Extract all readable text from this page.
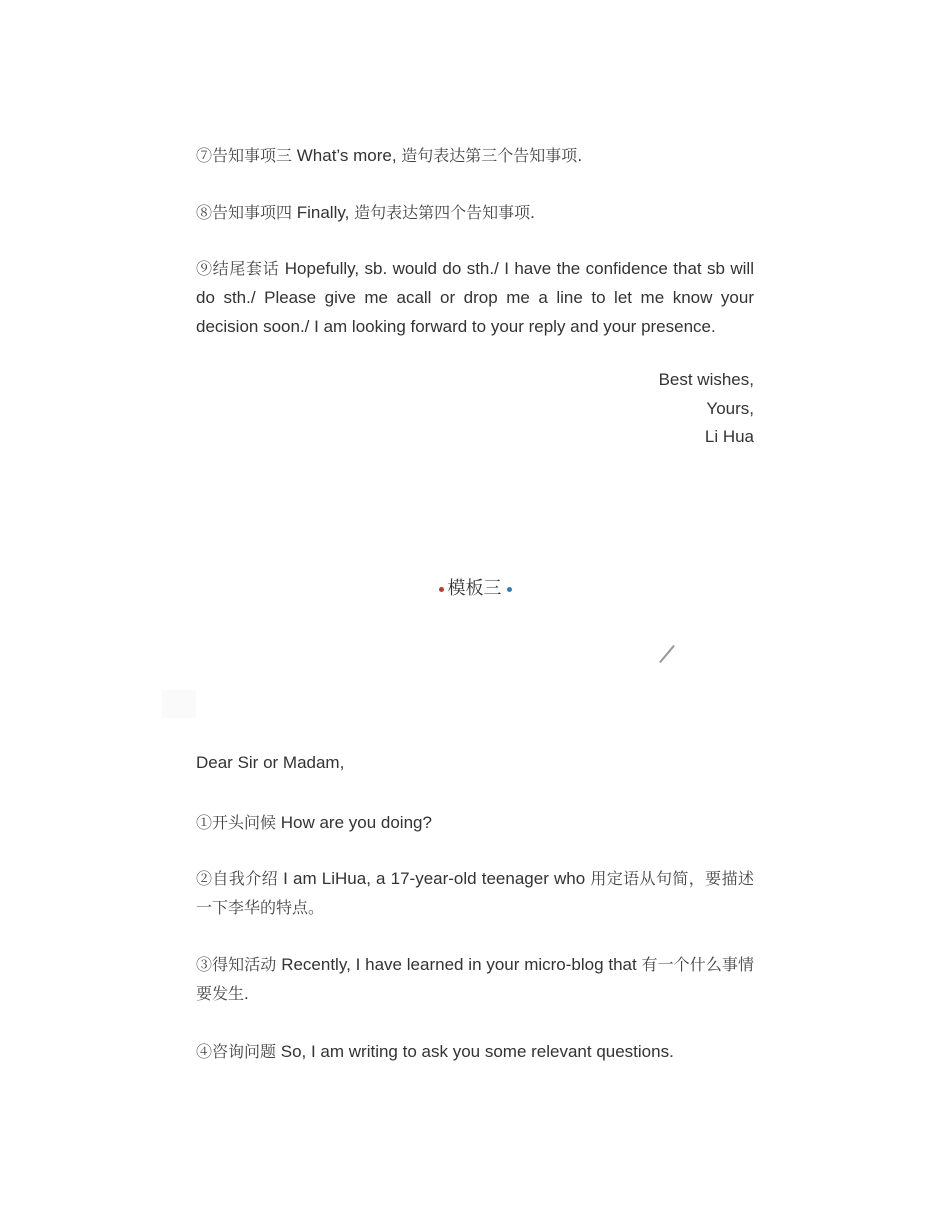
⑦告知事项三 What’s more, 造句表达第三个告知事项.

⑧告知事项四 Finally, 造句表达第四个告知事项.

⑨结尾套话 Hopefully, sb. would do sth./ I have the confidence that sb will do sth./ Please give me acall or drop me a line to let me know your decision soon./ I am looking forward to your reply and your presence.

Best wishes,
Yours,
Li Hua
模板三

Dear Sir or Madam,

①开头问候 How are you doing?

②自我介绍 I am LiHua, a 17-year-old teenager who 用定语从句简，要描述一下李华的特点。

③得知活动 Recently, I have learned in your micro-blog that 有一个什么事情要发生.

④咨询问题 So, I am writing to ask you some relevant questions.
